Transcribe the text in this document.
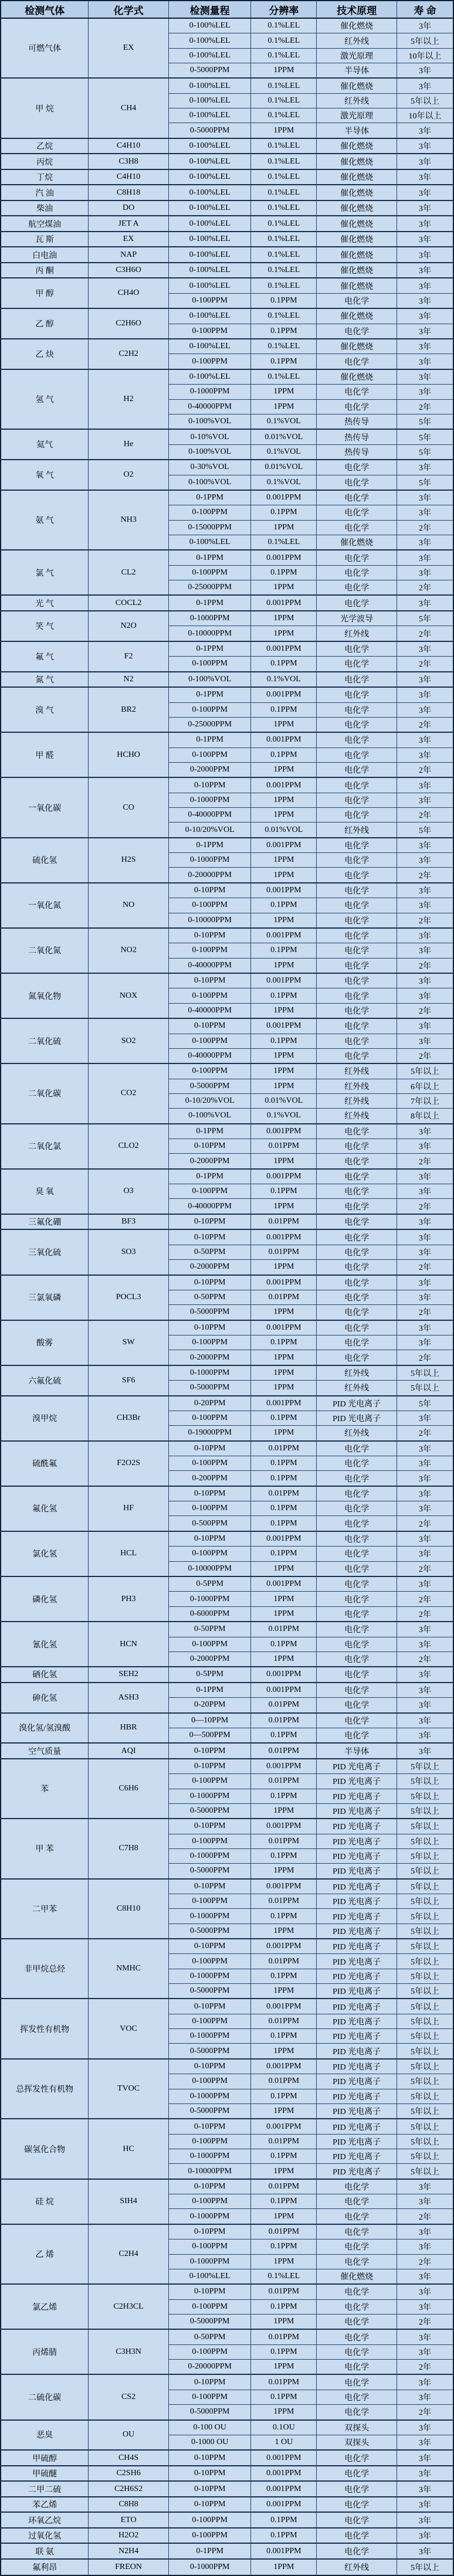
检测气体	化学式	检测量程	分辨率	技术原理	寿 命
可燃气体	EX	0-100%LEL	0.1%LEL	催化燃烧	3年
		0-100%LEL	0.1%LEL	红外线	5年以上
		0-100%LEL	0.1%LEL	激光原理	10年以上
		0-5000PPM	1PPM	半导体	3年
甲 烷	CH4	0-100%LEL	0.1%LEL	催化燃烧	3年
		0-100%LEL	0.1%LEL	红外线	5年以上
		0-100%LEL	0.1%LEL	激光原理	10年以上
		0-5000PPM	1PPM	半导体	3年
乙烷	C4H10	0-100%LEL	0.1%LEL	催化燃烧	3年
丙烷	C3H8	0-100%LEL	0.1%LEL	催化燃烧	3年
丁烷	C4H10	0-100%LEL	0.1%LEL	催化燃烧	3年
汽 油	C8H18	0-100%LEL	0.1%LEL	催化燃烧	3年
柴油	DO	0-100%LEL	0.1%LEL	催化燃烧	3年
航空煤油	JET A	0-100%LEL	0.1%LEL	催化燃烧	3年
瓦 斯	EX	0-100%LEL	0.1%LEL	催化燃烧	3年
白电油	NAP	0-100%LEL	0.1%LEL	催化燃烧	3年
丙 酮	C3H6O	0-100%LEL	0.1%LEL	催化燃烧	3年
甲 醇	CH4O	0-100%LEL	0.1%LEL	催化燃烧	3年
		0-100PPM	0.1PPM	电化学	3年
乙 醇	C2H6O	0-100%LEL	0.1%LEL	催化燃烧	3年
		0-100PPM	0.1PPM	电化学	3年
乙 炔	C2H2	0-100%LEL	0.1%LEL	催化燃烧	3年
		0-100PPM	0.1PPM	电化学	3年
氢 气	H2	0-100%LEL	0.1%LEL	催化燃烧	3年
		0-1000PPM	1PPM	电化学	3年
		0-40000PPM	1PPM	电化学	2年
		0-100%VOL	0.1%VOL	热传导	5年
氦气	He	0-10%VOL	0.01%VOL	热传导	5年
		0-100%VOL	0.1%VOL	热传导	5年
氧 气	O2	0-30%VOL	0.01%VOL	电化学	3年
		0-100%VOL	0.1%VOL	电化学	5年
氨 气	NH3	0-1PPM	0.001PPM	电化学	3年
		0-100PPM	0.1PPM	电化学	3年
		0-15000PPM	1PPM	电化学	2年
		0-100%LEL	0.1%LEL	催化燃烧	3年
氯 气	CL2	0-1PPM	0.001PPM	电化学	3年
		0-100PPM	0.1PPM	电化学	3年
		0-25000PPM	1PPM	电化学	2年
光 气	COCL2	0-1PPM	0.001PPM	电化学	3年
笑 气	N2O	0-1000PPM	1PPM	光学波导	5年
		0-10000PPM	1PPM	红外线	2年
氟 气	F2	0-1PPM	0.001PPM	电化学	3年
		0-100PPM	0.1PPM	电化学	2年
氮 气	N2	0-100%VOL	0.1%VOL	电化学	3年
溴 气	BR2	0-1PPM	0.001PPM	电化学	3年
		0-100PPM	0.1PPM	电化学	3年
		0-25000PPM	1PPM	电化学	2年
甲 醛	HCHO	0-1PPM	0.001PPM	电化学	3年
		0-100PPM	0.1PPM	电化学	3年
		0-2000PPM	1PPM	电化学	2年
一氧化碳	CO	0-10PPM	0.001PPM	电化学	3年
		0-1000PPM	1PPM	电化学	3年
		0-40000PPM	1PPM	电化学	2年
		0-10/20%VOL	0.01%VOL	红外线	5年
硫化氢	H2S	0-1PPM	0.001PPM	电化学	3年
		0-1000PPM	1PPM	电化学	3年
		0-20000PPM	1PPM	电化学	2年
一氧化氮	NO	0-10PPM	0.001PPM	电化学	3年
		0-100PPM	0.1PPM	电化学	3年
		0-10000PPM	1PPM	电化学	2年
二氧化氮	NO2	0-10PPM	0.001PPM	电化学	3年
		0-100PPM	0.1PPM	电化学	3年
		0-40000PPM	1PPM	电化学	2年
氮氧化物	NOX	0-10PPM	0.001PPM	电化学	3年
		0-100PPM	0.1PPM	电化学	3年
		0-40000PPM	1PPM	电化学	2年
二氧化硫	SO2	0-10PPM	0.001PPM	电化学	3年
		0-100PPM	0.1PPM	电化学	3年
		0-40000PPM	1PPM	电化学	2年
二氧化碳	CO2	0-100PPM	1PPM	红外线	5年以上
		0-5000PPM	1PPM	红外线	6年以上
		0-10/20%VOL	0.01%VOL	红外线	7年以上
		0-100%VOL	0.1%VOL	红外线	8年以上
二氧化氯	CLO2	0-1PPM	0.001PPM	电化学	3年
		0-10PPM	0.01PPM	电化学	3年
		0-2000PPM	1PPM	电化学	2年
臭 氧	O3	0-1PPM	0.001PPM	电化学	3年
		0-100PPM	0.1PPM	电化学	3年
		0-40000PPM	1PPM	电化学	2年
三氟化硼	BF3	0-10PPM	0.01PPM	电化学	3年
三氧化硫	SO3	0-10PPM	0.001PPM	电化学	3年
		0-50PPM	0.01PPM	电化学	3年
		0-2000PPM	1PPM	电化学	2年
三氯氧磷	POCL3	0-10PPM	0.001PPM	电化学	3年
		0-50PPM	0.01PPM	电化学	3年
		0-5000PPM	1PPM	电化学	2年
酸雾	SW	0-10PPM	0.001PPM	电化学	3年
		0-100PPM	0.1PPM	电化学	3年
		0-2000PPM	1PPM	电化学	2年
六氟化硫	SF6	0-1000PPM	1PPM	红外线	5年以上
		0-5000PPM	1PPM	红外线	5年以上
溴甲烷	CH3Br	0-20PPM	0.001PPM	PID 光电离子	5年
		0-100PPM	0.1PPM	PID 光电离子	3年
		0-19000PPM	1PPM	红外线	2年
硫酰氟	F2O2S	0-10PPM	0.01PPM	电化学	3年
		0-100PPM	0.1PPM	电化学	3年
		0-200PPM	0.1PPM	电化学	3年
氟化氢	HF	0-10PPM	0.01PPM	电化学	3年
		0-100PPM	0.1PPM	电化学	3年
		0-500PPM	0.1PPM	电化学	2年
氯化氢	HCL	0-10PPM	0.001PPM	电化学	3年
		0-100PPM	0.1PPM	电化学	3年
		0-10000PPM	1PPM	电化学	2年
磷化氢	PH3	0-5PPM	0.001PPM	电化学	3年
		0-1000PPM	1PPM	电化学	2年
		0-6000PPM	1PPM	电化学	2年
氰化氢	HCN	0-50PPM	0.01PPM	电化学	3年
		0-100PPM	0.1PPM	电化学	3年
		0-2000PPM	1PPM	电化学	2年
硒化氢	SEH2	0-5PPM	0.001PPM	电化学	3年
砷化氢	ASH3	0-1PPM	0.001PPM	电化学	3年
		0-20PPM	0.01PPM	电化学	3年
溴化氢/氢溴酸	HBR	0—10PPM	0.01PPM	电化学	3年
		0—500PPM	0.1PPM	电化学	3年
空气质量	AQI	0-10PPM	0.01PPM	半导体	3年
苯	C6H6	0-10PPM	0.001PPM	PID 光电离子	5年以上
		0-100PPM	0.01PPM	PID 光电离子	5年以上
		0-1000PPM	0.1PPM	PID 光电离子	5年以上
		0-5000PPM	1PPM	PID 光电离子	5年以上
甲 苯	C7H8	0-10PPM	0.001PPM	PID 光电离子	5年以上
		0-100PPM	0.01PPM	PID 光电离子	5年以上
		0-1000PPM	0.1PPM	PID 光电离子	5年以上
		0-5000PPM	1PPM	PID 光电离子	5年以上
二甲苯	C8H10	0-10PPM	0.001PPM	PID 光电离子	5年以上
		0-100PPM	0.01PPM	PID 光电离子	5年以上
		0-1000PPM	0.1PPM	PID 光电离子	5年以上
		0-5000PPM	1PPM	PID 光电离子	5年以上
非甲烷总烃	NMHC	0-10PPM	0.001PPM	PID 光电离子	5年以上
		0-100PPM	0.01PPM	PID 光电离子	5年以上
		0-1000PPM	0.1PPM	PID 光电离子	5年以上
		0-5000PPM	1PPM	PID 光电离子	5年以上
挥发性有机物	VOC	0-10PPM	0.001PPM	PID 光电离子	5年以上
		0-100PPM	0.01PPM	PID 光电离子	5年以上
		0-1000PPM	0.1PPM	PID 光电离子	5年以上
		0-5000PPM	1PPM	PID 光电离子	5年以上
总挥发性有机物	TVOC	0-10PPM	0.001PPM	PID 光电离子	5年以上
		0-100PPM	0.01PPM	PID 光电离子	5年以上
		0-1000PPM	0.1PPM	PID 光电离子	5年以上
		0-5000PPM	1PPM	PID 光电离子	5年以上
碳氢化合物	HC	0-10PPM	0.001PPM	PID 光电离子	5年以上
		0-100PPM	0.01PPM	PID 光电离子	5年以上
		0-1000PPM	0.1PPM	PID 光电离子	5年以上
		0-10000PPM	1PPM	PID 光电离子	5年以上
硅 烷	SIH4	0-10PPM	0.01PPM	电化学	3年
		0-100PPM	0.1PPM	电化学	3年
		0-1000PPM	1PPM	电化学	2年
乙 烯	C2H4	0-10PPM	0.01PPM	电化学	3年
		0-100PPM	0.1PPM	电化学	3年
		0-1000PPM	1PPM	电化学	2年
		0-100%LEL	0.1%LEL	催化燃烧	3年
氯乙烯	C2H3CL	0-10PPM	0.01PPM	电化学	3年
		0-100PPM	0.1PPM	电化学	3年
		0-5000PPM	1PPM	电化学	2年
丙烯腈	C3H3N	0-50PPM	0.01PPM	电化学	3年
		0-100PPM	0.1PPM	电化学	3年
		0-20000PPM	1PPM	电化学	2年
二硫化碳	CS2	0-10PPM	0.01PPM	电化学	3年
		0-100PPM	0.1PPM	电化学	3年
		0-5000PPM	1PPM	电化学	2年
恶臭	OU	0-100 OU	0.1OU	双探头	3年
		0-1000 OU	1 OU	双探头	3年
甲硫醇	CH4S	0-10PPM	0.001PPM	电化学	3年
甲硫醚	C2SH6	0-10PPM	0.001PPM	电化学	3年
二甲二硫	C2H6S2	0-10PPM	0.001PPM	电化学	3年
苯乙烯	C8H8	0-10PPM	0.001PPM	电化学	3年
环氧乙烷	ETO	0-100PPM	0.1PPM	电化学	3年
过氧化氢	H2O2	0-100PPM	0.1PPM	电化学	3年
联 氨	N2H4	0-1PPM	0.001PPM	电化学	3年
氟利昂	FREON	0-1000PPM	1PPM	红外线	5年以上
